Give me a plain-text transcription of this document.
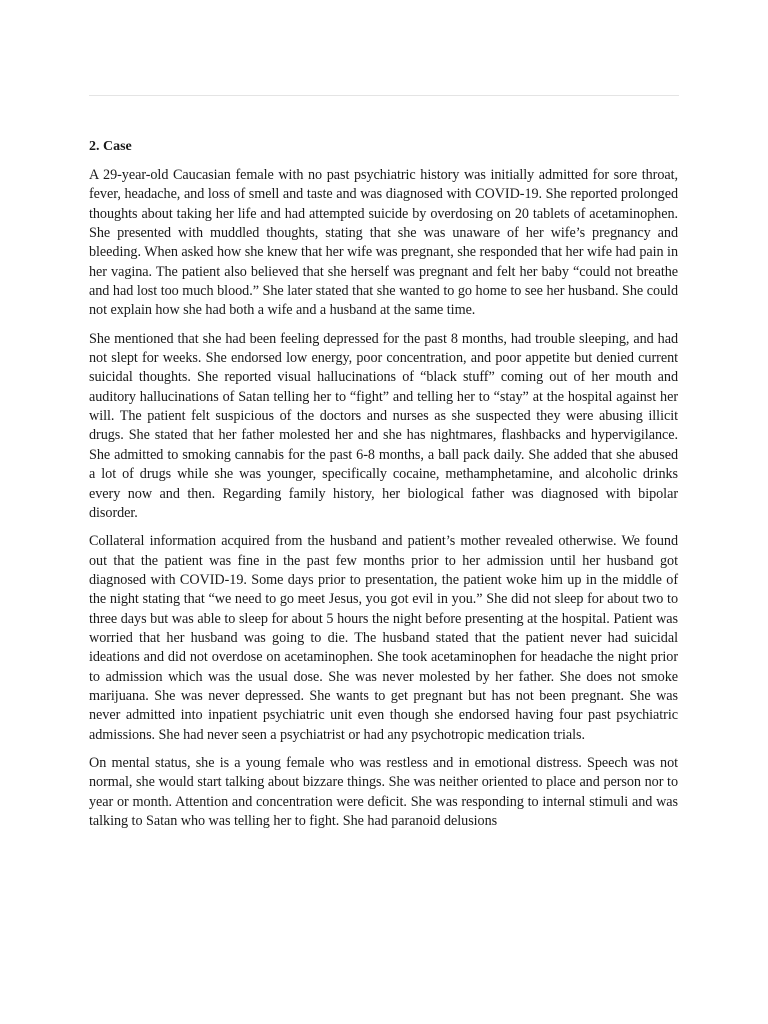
2. Case

A 29-year-old Caucasian female with no past psychiatric history was initially admitted for sore throat, fever, headache, and loss of smell and taste and was diagnosed with COVID-19. She reported prolonged thoughts about taking her life and had attempted suicide by overdosing on 20 tablets of acetaminophen. She presented with muddled thoughts, stating that she was unaware of her wife’s pregnancy and bleeding. When asked how she knew that her wife was pregnant, she responded that her wife had pain in her vagina. The patient also believed that she herself was pregnant and felt her baby “could not breathe and had lost too much blood.” She later stated that she wanted to go home to see her husband. She could not explain how she had both a wife and a husband at the same time.

She mentioned that she had been feeling depressed for the past 8 months, had trouble sleeping, and had not slept for weeks. She endorsed low energy, poor concentration, and poor appetite but denied current suicidal thoughts. She reported visual hallucinations of “black stuff” coming out of her mouth and auditory hallucinations of Satan telling her to “fight” and telling her to “stay” at the hospital against her will. The patient felt suspicious of the doctors and nurses as she suspected they were abusing illicit drugs. She stated that her father molested her and she has nightmares, flashbacks and hypervigilance. She admitted to smoking cannabis for the past 6-8 months, a ball pack daily. She added that she abused a lot of drugs while she was younger, specifically cocaine, methamphetamine, and alcoholic drinks every now and then. Regarding family history, her biological father was diagnosed with bipolar disorder.

Collateral information acquired from the husband and patient’s mother revealed otherwise. We found out that the patient was fine in the past few months prior to her admission until her husband got diagnosed with COVID-19. Some days prior to presentation, the patient woke him up in the middle of the night stating that “we need to go meet Jesus, you got evil in you.” She did not sleep for about two to three days but was able to sleep for about 5 hours the night before presenting at the hospital. Patient was worried that her husband was going to die. The husband stated that the patient never had suicidal ideations and did not overdose on acetaminophen. She took acetaminophen for headache the night prior to admission which was the usual dose. She was never molested by her father. She does not smoke marijuana. She was never depressed. She wants to get pregnant but has not been pregnant. She was never admitted into inpatient psychiatric unit even though she endorsed having four past psychiatric admissions. She had never seen a psychiatrist or had any psychotropic medication trials.

On mental status, she is a young female who was restless and in emotional distress. Speech was not normal, she would start talking about bizzare things. She was neither oriented to place and person nor to year or month. Attention and concentration were deficit. She was responding to internal stimuli and was talking to Satan who was telling her to fight. She had paranoid delusions
